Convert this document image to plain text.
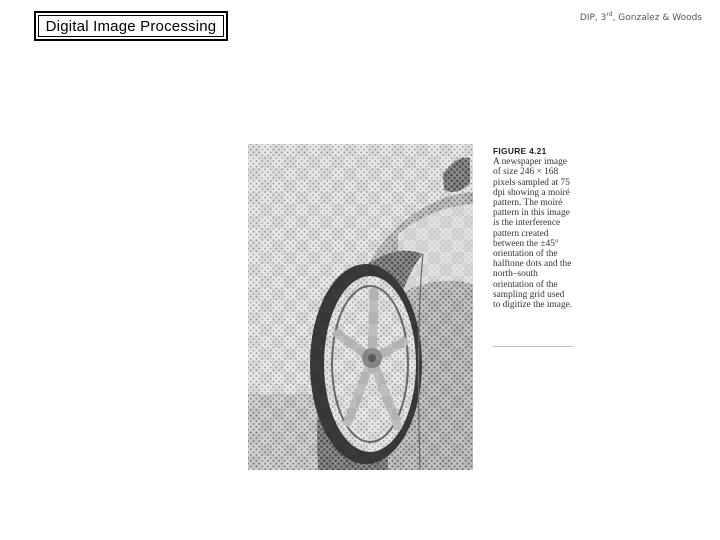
Digital Image Processing	DIP, 3rd, Gonzalez & Woods
FIGURE 4.21
A newspaper image of size 246 × 168 pixels sampled at 75 dpi showing a moiré pattern. The moiré pattern in this image is the interference pattern created between the ±45° orientation of the halftone dots and the north–south orientation of the sampling grid used to digitize the image.
